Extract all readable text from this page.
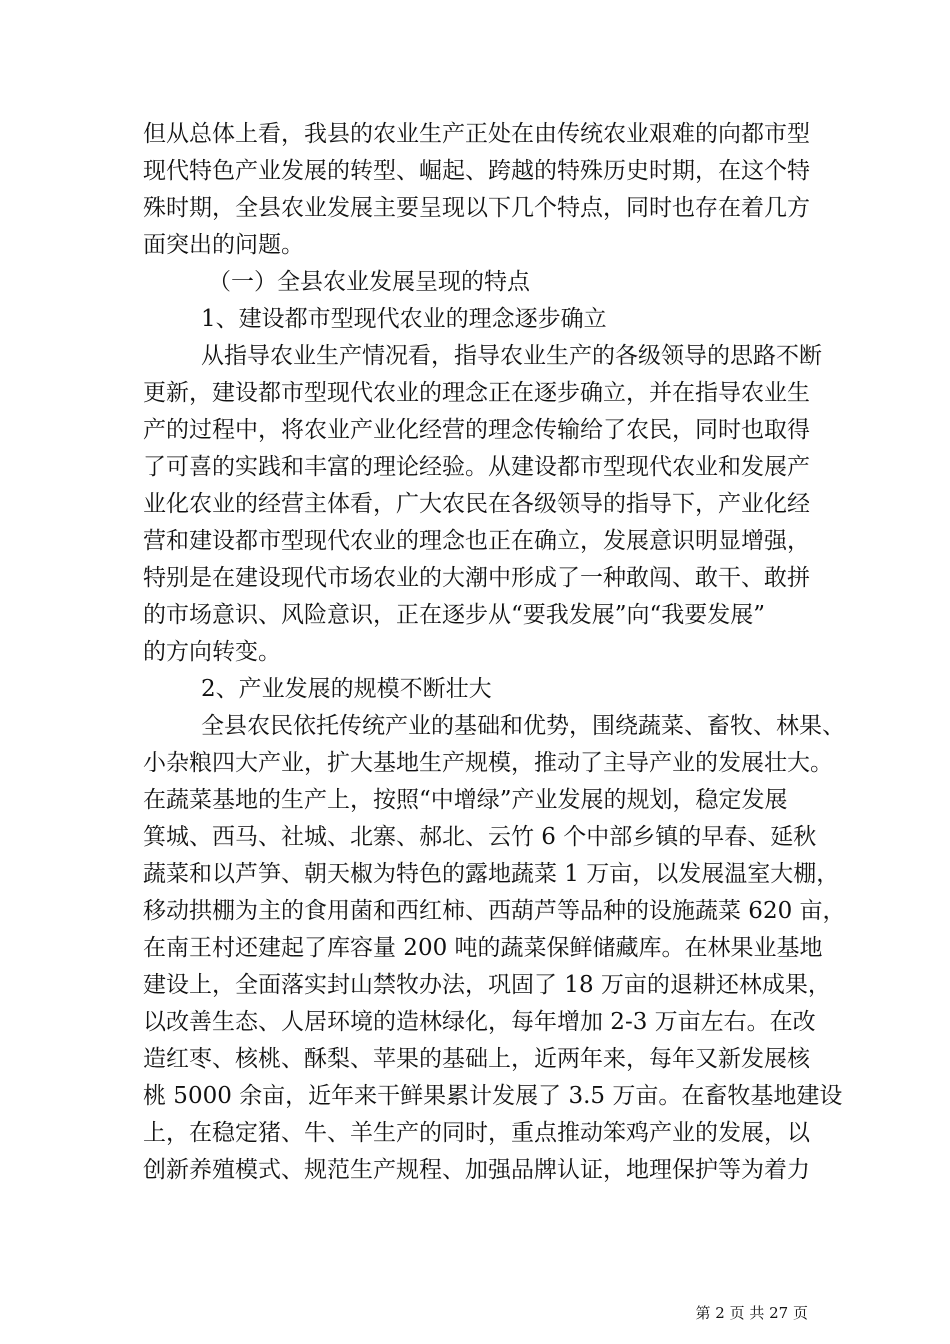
但从总体上看，我县的农业生产正处在由传统农业艰难的向都市型
现代特色产业发展的转型、崛起、跨越的特殊历史时期，在这个特
殊时期，全县农业发展主要呈现以下几个特点，同时也存在着几方
面突出的问题。
（一）全县农业发展呈现的特点
1、建设都市型现代农业的理念逐步确立
从指导农业生产情况看，指导农业生产的各级领导的思路不断
更新，建设都市型现代农业的理念正在逐步确立，并在指导农业生
产的过程中，将农业产业化经营的理念传输给了农民，同时也取得
了可喜的实践和丰富的理论经验。从建设都市型现代农业和发展产
业化农业的经营主体看，广大农民在各级领导的指导下，产业化经
营和建设都市型现代农业的理念也正在确立，发展意识明显增强，
特别是在建设现代市场农业的大潮中形成了一种敢闯、敢干、敢拼
的市场意识、风险意识，正在逐步从“要我发展”向“我要发展”
的方向转变。
2、产业发展的规模不断壮大
全县农民依托传统产业的基础和优势，围绕蔬菜、畜牧、林果、
小杂粮四大产业，扩大基地生产规模，推动了主导产业的发展壮大。
在蔬菜基地的生产上，按照“中增绿”产业发展的规划，稳定发展
箕城、西马、社城、北寨、郝北、云竹 6 个中部乡镇的早春、延秋
蔬菜和以芦笋、朝天椒为特色的露地蔬菜 1 万亩，以发展温室大棚，
移动拱棚为主的食用菌和西红柿、西葫芦等品种的设施蔬菜 620 亩，
在南王村还建起了库容量 200 吨的蔬菜保鲜储藏库。在林果业基地
建设上，全面落实封山禁牧办法，巩固了 18 万亩的退耕还林成果，
以改善生态、人居环境的造林绿化，每年增加 2-3 万亩左右。在改
造红枣、核桃、酥梨、苹果的基础上，近两年来，每年又新发展核
桃 5000 余亩，近年来干鲜果累计发展了 3.5 万亩。在畜牧基地建设
上，在稳定猪、牛、羊生产的同时，重点推动笨鸡产业的发展，以
创新养殖模式、规范生产规程、加强品牌认证，地理保护等为着力
第 2 页 共 27 页
